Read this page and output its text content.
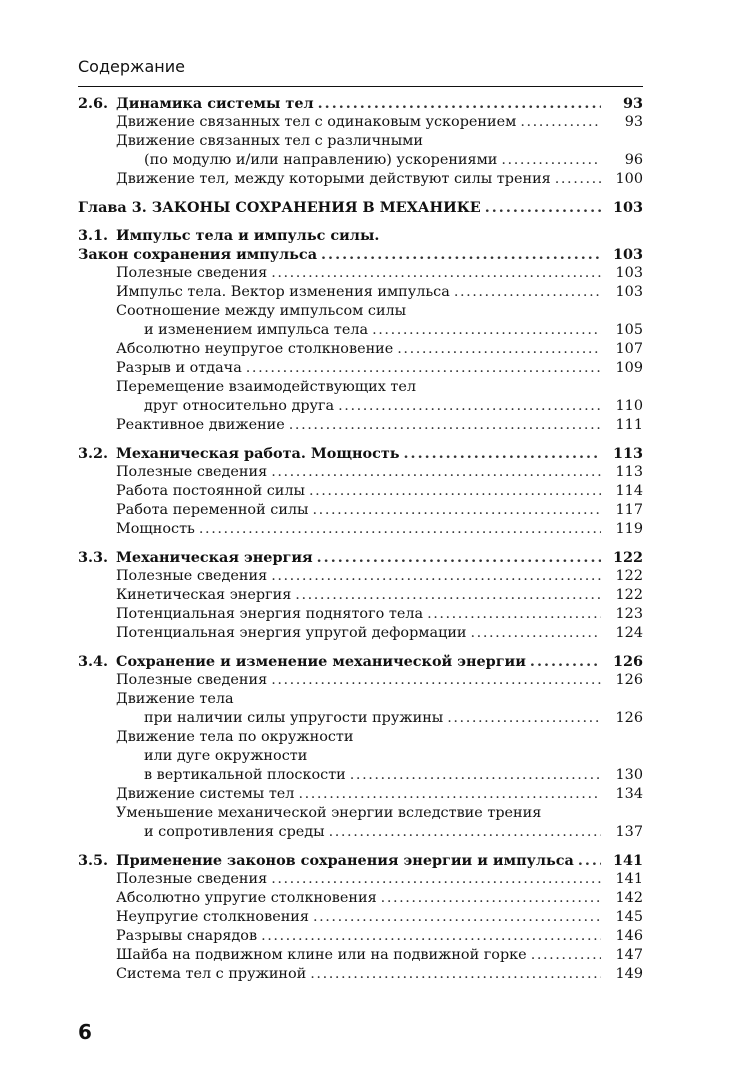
Содержание
2.6. Динамика системы тел . . .	93
Движение связанных тел с одинаковым ускорением . . .	93
Движение связанных тел с различными
(по модулю и/или направлению) ускорениями . . .	96
Движение тел, между которыми действуют силы трения . . .	100
Глава 3. ЗАКОНЫ СОХРАНЕНИЯ В МЕХАНИКЕ . . .	103
3.1. Импульс тела и импульс силы.
Закон сохранения импульса . . .	103
Полезные сведения . . .	103
Импульс тела. Вектор изменения импульса . . .	103
Соотношение между импульсом силы
и изменением импульса тела . . .	105
Абсолютно неупругое столкновение . . .	107
Разрыв и отдача . . .	109
Перемещение взаимодействующих тел
друг относительно друга . . .	110
Реактивное движение . . .	111
3.2. Механическая работа. Мощность . . .	113
Полезные сведения . . .	113
Работа постоянной силы . . .	114
Работа переменной силы . . .	117
Мощность . . .	119
3.3. Механическая энергия . . .	122
Полезные сведения . . .	122
Кинетическая энергия . . .	122
Потенциальная энергия поднятого тела . . .	123
Потенциальная энергия упругой деформации . . .	124
3.4. Сохранение и изменение механической энергии . . .	126
Полезные сведения . . .	126
Движение тела
при наличии силы упругости пружины . . .	126
Движение тела по окружности
или дуге окружности
в вертикальной плоскости . . .	130
Движение системы тел . . .	134
Уменьшение механической энергии вследствие трения
и сопротивления среды . . .	137
3.5. Применение законов сохранения энергии и импульса . . .	141
Полезные сведения . . .	141
Абсолютно упругие столкновения . . .	142
Неупругие столкновения . . .	145
Разрывы снарядов . . .	146
Шайба на подвижном клине или на подвижной горке . . .	147
Система тел с пружиной . . .	149
6
